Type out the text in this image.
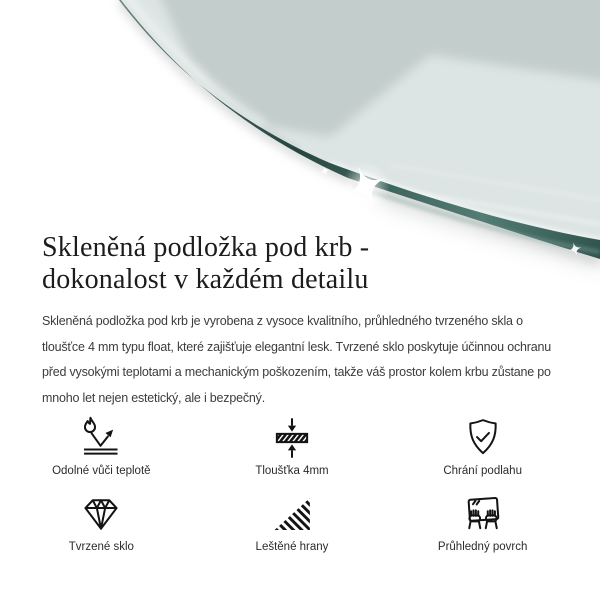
Skleněná podložka pod krb -
dokonalost v každém detailu

Skleněná podložka pod krb je vyrobena z vysoce kvalitního, průhledného tvrzeného skla o tloušťce 4 mm typu float, které zajišťuje elegantní lesk. Tvrzené sklo poskytuje účinnou ochranu před vysokými teplotami a mechanickým poškozením, takže váš prostor kolem krbu zůstane po mnoho let nejen estetický, ale i bezpečný.

Odolné vůči teplotě	Tloušťka 4mm	Chrání podlahu
Tvrzené sklo	Leštěné hrany	Průhledný povrch
